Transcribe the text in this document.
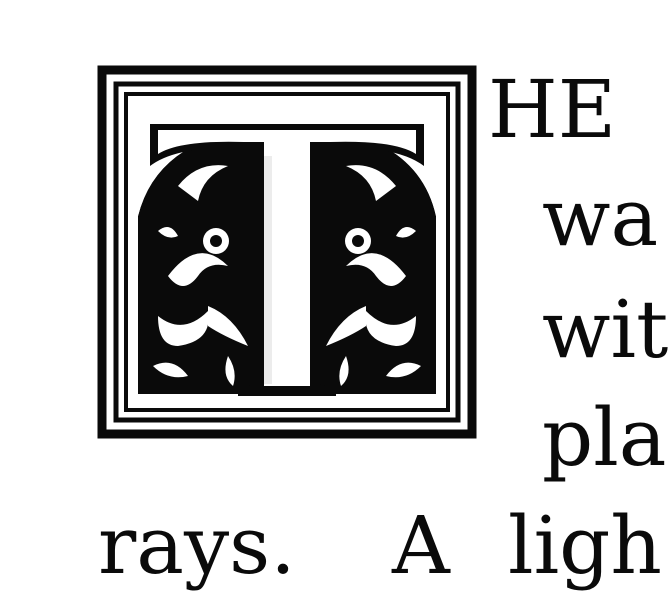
HE
wa
wit
pla
rays. A ligh
